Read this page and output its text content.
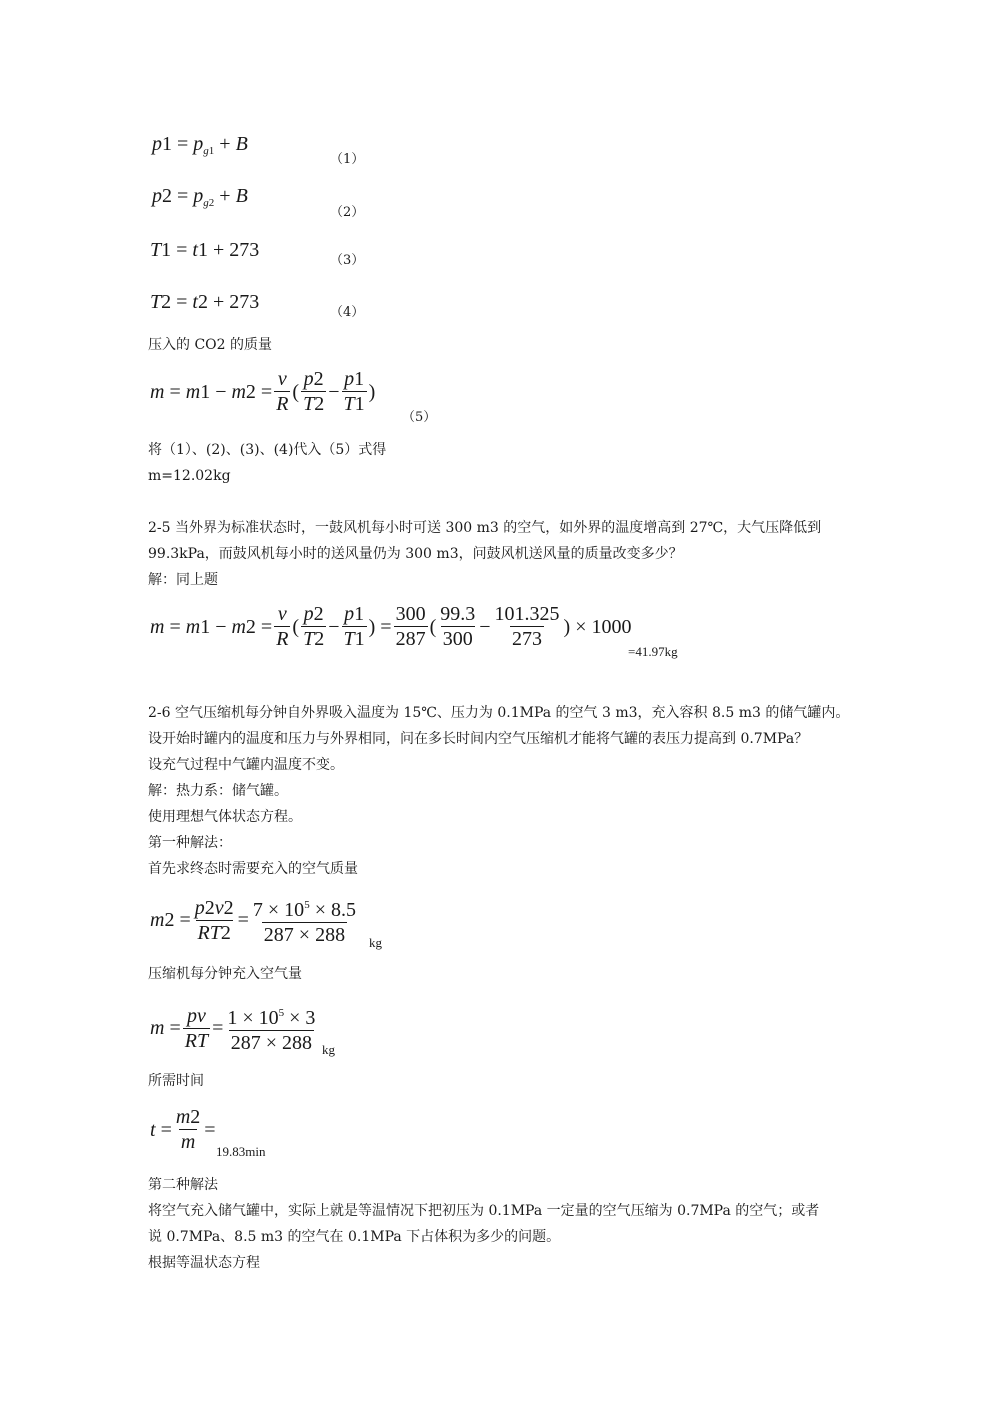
$p1 = p_{g1} + B$
（1）
$p2 = p_{g2} + B$
（2）
T1 = t1 + 273	（3）
T2 = t2 + 273	（4）
压入的 CO2 的质量
$m = m1 - m2 = \frac{v}{R}$ ( $\frac{p2}{T2} - \frac{p1}{T1}$ )
（5）
将（1）、(2)、(3)、(4)代入（5）式得
m=12.02kg
2-5 当外界为标准状态时，一鼓风机每小时可送 300 m3 的空气，如外界的温度增高到 27℃，大气压降低到
99.3kPa，而鼓风机每小时的送风量仍为 300 m3，问鼓风机送风量的质量改变多少？
解：同上题
$m = m1 - m2 = \frac{v}{R}$ ( $\frac{p2}{T2} - \frac{p1}{T1}$ ) = $\frac{300}{287}$ ( $\frac{99.3}{300} - \frac{101.325}{273}$ ) × 1000
=41.97kg
2-6 空气压缩机每分钟自外界吸入温度为 15℃、压力为 0.1MPa 的空气 3 m3，充入容积 8.5 m3 的储气罐内。
设开始时罐内的温度和压力与外界相同，问在多长时间内空气压缩机才能将气罐的表压力提高到 0.7MPa？
设充气过程中气罐内温度不变。
解：热力系：储气罐。
使用理想气体状态方程。
第一种解法：
首先求终态时需要充入的空气质量
$m2 = \frac{p2v2}{RT2} = \frac{7 \times 10^5 \times 8.5}{287 \times 288}$ kg
压缩机每分钟充入空气量
$m = \frac{pv}{RT} = \frac{1 \times 10^5 \times 3}{287 \times 288}$ kg
所需时间
$t = \frac{m2}{m}$ =
19.83min
第二种解法
将空气充入储气罐中，实际上就是等温情况下把初压为 0.1MPa 一定量的空气压缩为 0.7MPa 的空气；或者
说 0.7MPa、8.5 m3 的空气在 0.1MPa 下占体积为多少的问题。
根据等温状态方程
